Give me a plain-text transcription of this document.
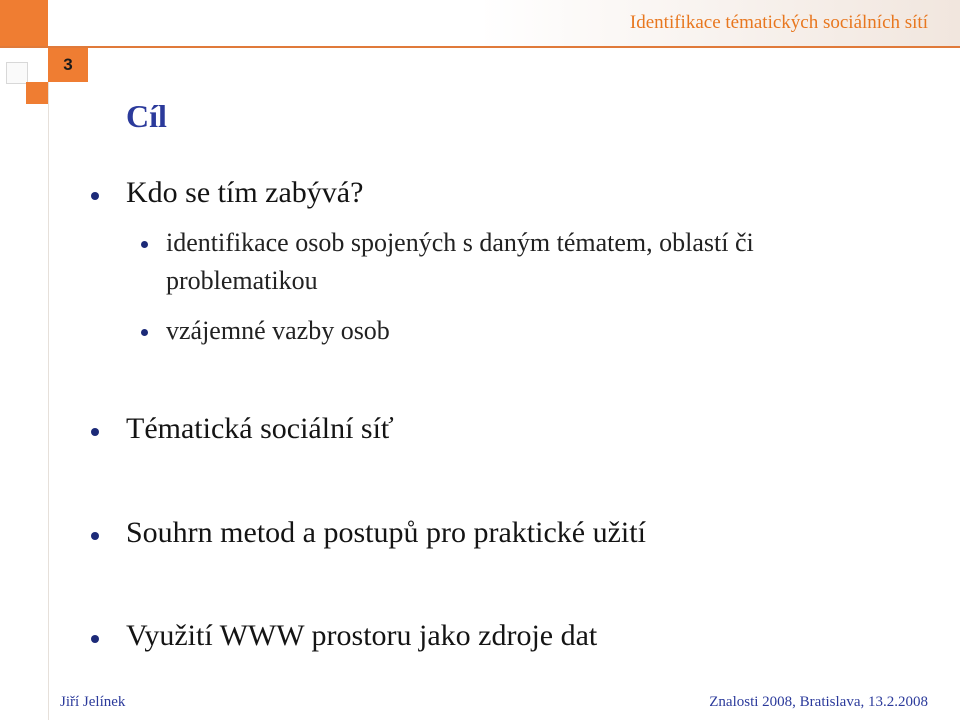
Identifikace tématických sociálních sítí
3
Cíl
Kdo se tím zabývá?
identifikace osob spojených s daným tématem, oblastí či problematikou
vzájemné vazby osob
Tématická sociální síť
Souhrn metod a postupů pro praktické užití
Využití WWW prostoru jako zdroje dat
Jiří Jelínek	Znalosti 2008, Bratislava, 13.2.2008
